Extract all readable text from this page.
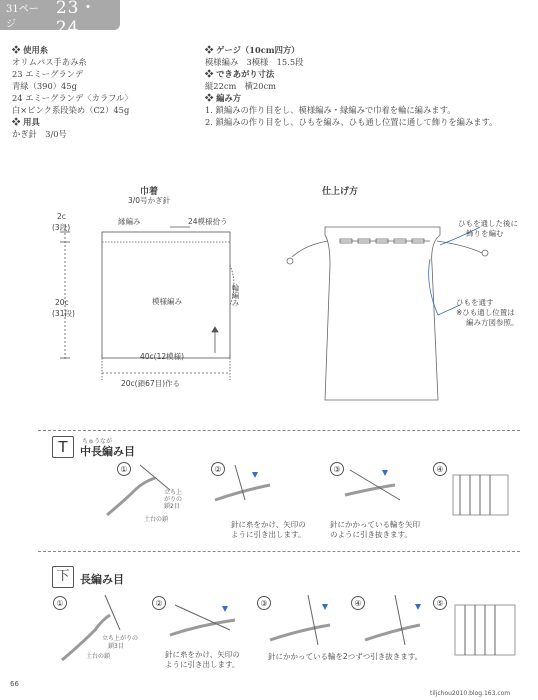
31ページ
23・24
❖ 使用糸
オリムパス手あみ糸
23 エミーグランデ
青緑（390）45g
24 エミーグランデ〈カラフル〉
白×ピンク系段染め（C2）45g
❖ 用具
かぎ針　3/0号
❖ ゲージ（10cm四方）
模様編み　3模様　15.5段
❖ できあがり寸法
縦22cm　横20cm
❖ 編み方
1. 鎖編みの作り目をし、模様編み・縁編みで巾着を輪に編みます。
2. 鎖編みの作り目をし、ひもを編み、ひも通し位置に通して飾りを編みます。
巾着
3/0号かぎ針
縁編み	24模様拾う
2c
(3段)
20c
(31段)
模様編み	輪編み
40c(12模様)
20c(鎖67目)作る
仕上げ方
ひもを通した後に
飾りを編む
ひもを通す
※ひも通し位置は
編み方図参照。
T	ちゅうなが
中長編み目
①	②	③	④
立ち上
がりの
鎖2目
土台の鎖
針に糸をかけ、矢印の
ように引き出します。
針にかかっている輪を矢印
のように引き抜きます。
下 長編み目
①	②	③	④	⑤
立ち上がりの
鎖3目
土台の鎖	針に糸をかけ、矢印の
ように引き出します。
針にかかっている輪を2つずつ引き抜きます。
66
tiljchou2010.blog.163.com
